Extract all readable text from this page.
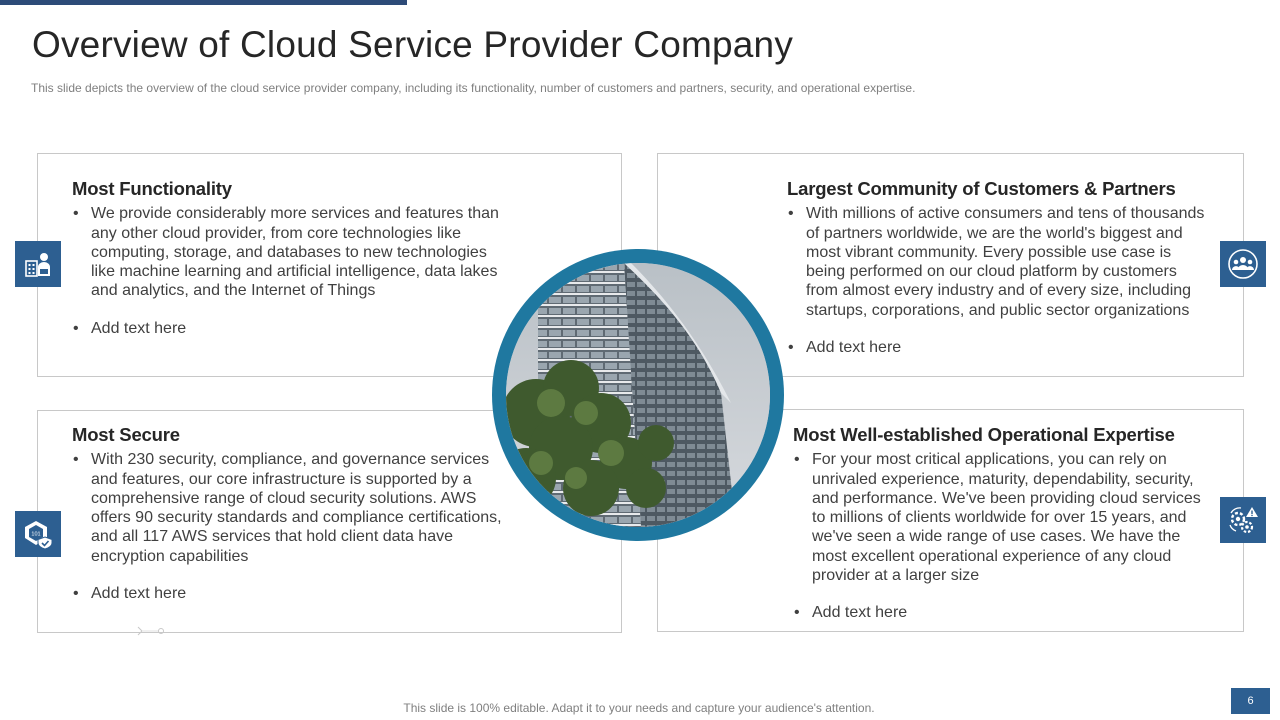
Overview of Cloud Service Provider Company

This slide depicts the overview of the cloud service provider company, including its functionality, number of customers and partners, security, and operational expertise.

Most Functionality
• We provide considerably more services and features than any other cloud provider, from core technologies like computing, storage, and databases to new technologies like machine learning and artificial intelligence, data lakes and analytics, and the Internet of Things
• Add text here
Largest Community of Customers & Partners
• With millions of active consumers and tens of thousands of partners worldwide, we are the world's biggest and most vibrant community. Every possible use case is being performed on our cloud platform by customers from almost every industry and of every size, including startups, corporations, and public sector organizations
• Add text here
Most Secure
• With 230 security, compliance, and governance services and features, our core infrastructure is supported by a comprehensive range of cloud security solutions. AWS offers 90 security standards and compliance certifications, and all 117 AWS services that hold client data have encryption capabilities
• Add text here
Most Well-established Operational Expertise
• For your most critical applications, you can rely on unrivaled experience, maturity, dependability, security, and performance. We've been providing cloud services to millions of clients worldwide for over 15 years, and we've seen a wide range of use cases. We have the most excellent operational experience of any cloud provider at a larger size
• Add text here
101
This slide is 100% editable. Adapt it to your needs and capture your audience's attention.	6
